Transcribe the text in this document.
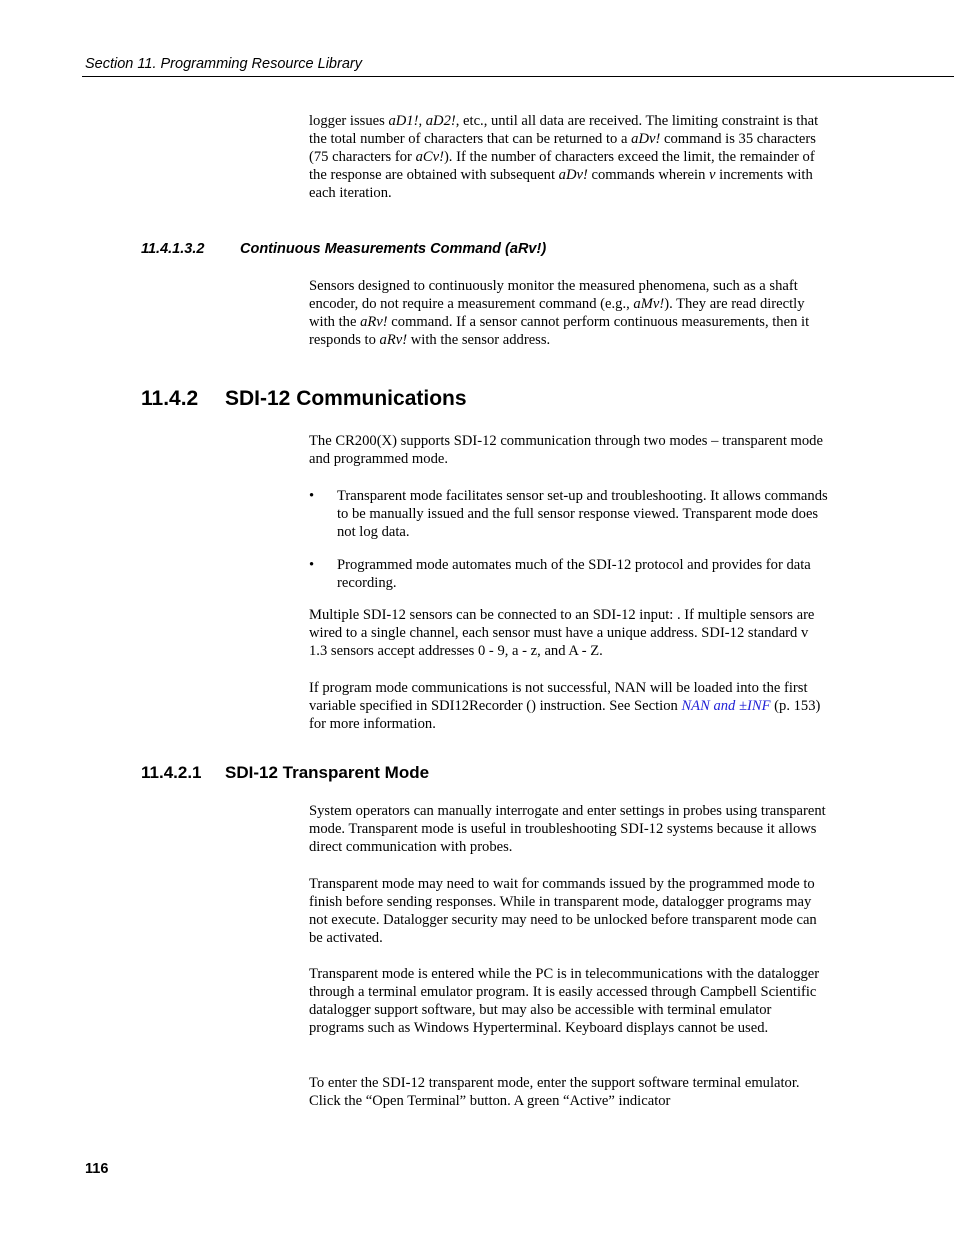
Section 11. Programming Resource Library

logger issues aD1!, aD2!, etc., until all data are received. The limiting constraint is that the total number of characters that can be returned to a aDv! command is 35 characters (75 characters for aCv!). If the number of characters exceed the limit, the remainder of the response are obtained with subsequent aDv! commands wherein v increments with each iteration.

11.4.1.3.2 Continuous Measurements Command (aRv!)

Sensors designed to continuously monitor the measured phenomena, such as a shaft encoder, do not require a measurement command (e.g., aMv!). They are read directly with the aRv! command. If a sensor cannot perform continuous measurements, then it responds to aRv! with the sensor address.

11.4.2 SDI-12 Communications

The CR200(X) supports SDI-12 communication through two modes – transparent mode and programmed mode.

• Transparent mode facilitates sensor set-up and troubleshooting. It allows commands to be manually issued and the full sensor response viewed. Transparent mode does not log data.
• Programmed mode automates much of the SDI-12 protocol and provides for data recording.

Multiple SDI-12 sensors can be connected to an SDI-12 input: . If multiple sensors are wired to a single channel, each sensor must have a unique address. SDI-12 standard v 1.3 sensors accept addresses 0 - 9, a - z, and A - Z.

If program mode communications is not successful, NAN will be loaded into the first variable specified in SDI12Recorder () instruction. See Section NAN and ±INF (p. 153) for more information.

11.4.2.1 SDI-12 Transparent Mode

System operators can manually interrogate and enter settings in probes using transparent mode. Transparent mode is useful in troubleshooting SDI-12 systems because it allows direct communication with probes.

Transparent mode may need to wait for commands issued by the programmed mode to finish before sending responses. While in transparent mode, datalogger programs may not execute. Datalogger security may need to be unlocked before transparent mode can be activated.

Transparent mode is entered while the PC is in telecommunications with the datalogger through a terminal emulator program. It is easily accessed through Campbell Scientific datalogger support software, but may also be accessible with terminal emulator programs such as Windows Hyperterminal. Keyboard displays cannot be used.

To enter the SDI-12 transparent mode, enter the support software terminal emulator. Click the “Open Terminal” button. A green “Active” indicator

116
